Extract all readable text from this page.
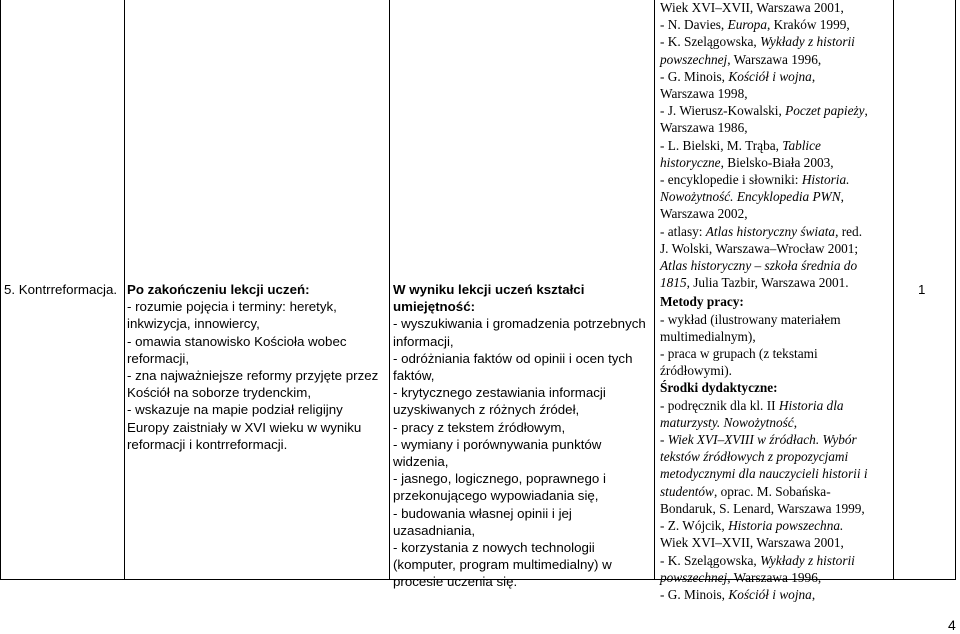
5. Kontrreformacja. Po zakończeniu lekcji uczeń:
- rozumie pojęcia i terminy: heretyk,
inkwizycja, innowiercy,
- omawia stanowisko Kościoła wobec
reformacji,
- zna najważniejsze reformy przyjęte przez
Kościół na soborze trydenckim,
- wskazuje na mapie podział religijny
Europy zaistniały w XVI wieku w wyniku
reformacji i kontrreformacji.
W wyniku lekcji uczeń kształci
umiejętność:
- wyszukiwania i gromadzenia potrzebnych
informacji,
- odróżniania faktów od opinii i ocen tych
faktów,
- krytycznego zestawiania informacji
uzyskiwanych z różnych źródeł,
- pracy z tekstem źródłowym,
- wymiany i porównywania punktów
widzenia,
- jasnego, logicznego, poprawnego i
przekonującego wypowiadania się,
- budowania własnej opinii i jej
uzasadniania,
- korzystania z nowych technologii
(komputer, program multimedialny) w
procesie uczenia się.
Wiek XVI–XVII, Warszawa 2001,
- N. Davies, Europa, Kraków 1999,
- K. Szelągowska, Wykłady z historii
powszechnej, Warszawa 1996,
- G. Minois, Kościół i wojna,
Warszawa 1998,
- J. Wierusz-Kowalski, Poczet papieży,
Warszawa 1986,
- L. Bielski, M. Trąba, Tablice
historyczne, Bielsko-Biała 2003,
- encyklopedie i słowniki: Historia.
Nowożytność. Encyklopedia PWN,
Warszawa 2002,
- atlasy: Atlas historyczny świata, red.
J. Wolski, Warszawa–Wrocław 2001;
Atlas historyczny – szkoła średnia do
1815, Julia Tazbir, Warszawa 2001.
Metody pracy:
- wykład (ilustrowany materiałem
multimedialnym),
- praca w grupach (z tekstami
źródłowymi).
Środki dydaktyczne:
- podręcznik dla kl. II Historia dla
maturzysty. Nowożytność,
- Wiek XVI–XVIII w źródłach. Wybór
tekstów źródłowych z propozycjami
metodycznymi dla nauczycieli historii i
studentów, oprac. M. Sobańska-
Bondaruk, S. Lenard, Warszawa 1999,
- Z. Wójcik, Historia powszechna.
Wiek XVI–XVII, Warszawa 2001,
- K. Szelągowska, Wykłady z historii
powszechnej, Warszawa 1996,
- G. Minois, Kościół i wojna,
1
4
